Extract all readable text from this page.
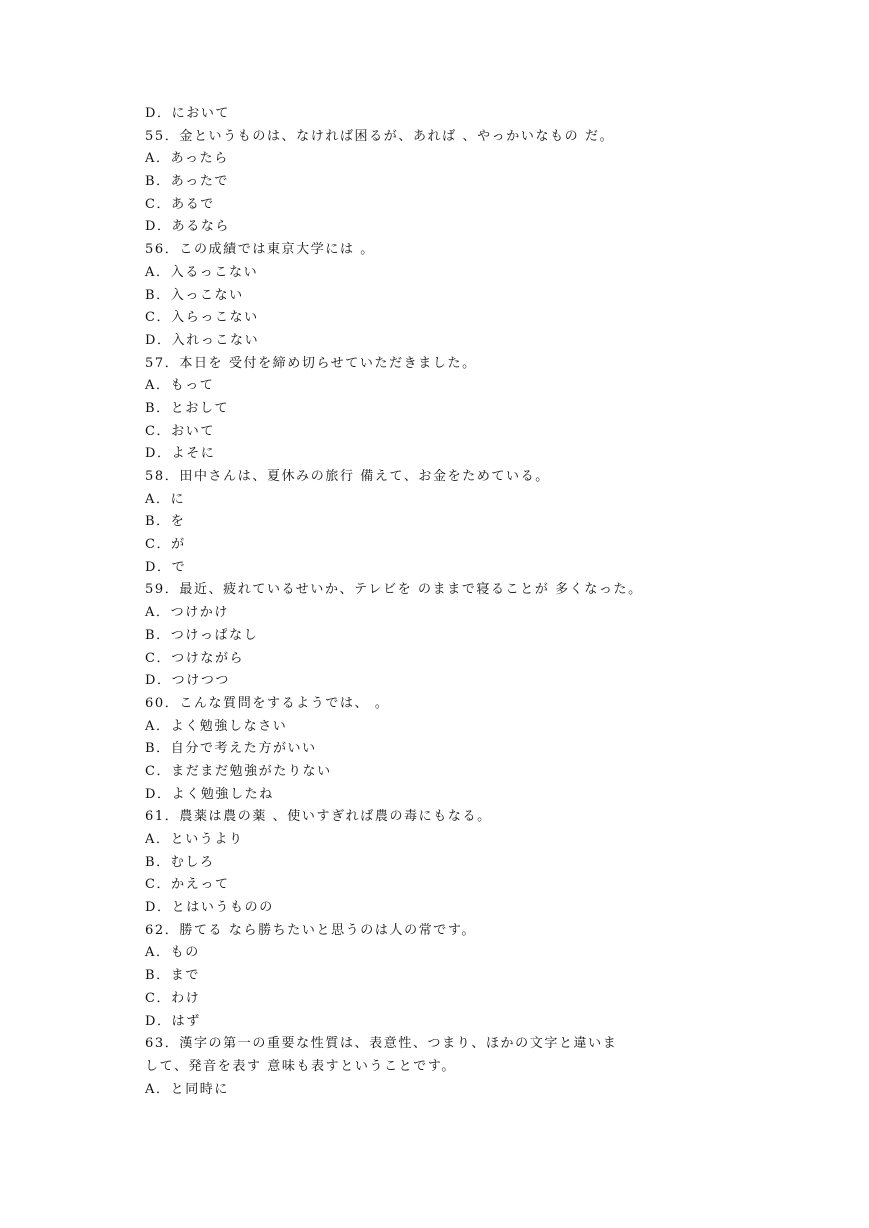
D．において
55．金というものは、なければ困るが、あれば 、やっかいなもの だ。
A．あったら
B．あったで
C．あるで
D．あるなら
56．この成績では東京大学には 。
A．入るっこない
B．入っこない
C．入らっこない
D．入れっこない
57．本日を 受付を締め切らせていただきました。
A．もって
B．とおして
C．おいて
D．よそに
58．田中さんは、夏休みの旅行 備えて、お金をためている。
A．に
B．を
C．が
D．で
59．最近、疲れているせいか、テレビを のままで寝ることが 多くなった。
A．つけかけ
B．つけっぱなし
C．つけながら
D．つけつつ
60．こんな質問をするようでは、 。
A．よく勉強しなさい
B．自分で考えた方がいい
C．まだまだ勉強がたりない
D．よく勉強したね
61．農薬は農の薬 、使いすぎれば農の毒にもなる。
A．というより
B．むしろ
C．かえって
D．とはいうものの
62．勝てる なら勝ちたいと思うのは人の常です。
A．もの
B．まで
C．わけ
D．はず
63．漢字の第一の重要な性質は、表意性、つまり、ほかの文字と違いま
して、発音を表す 意味も表すということです。
A．と同時に
